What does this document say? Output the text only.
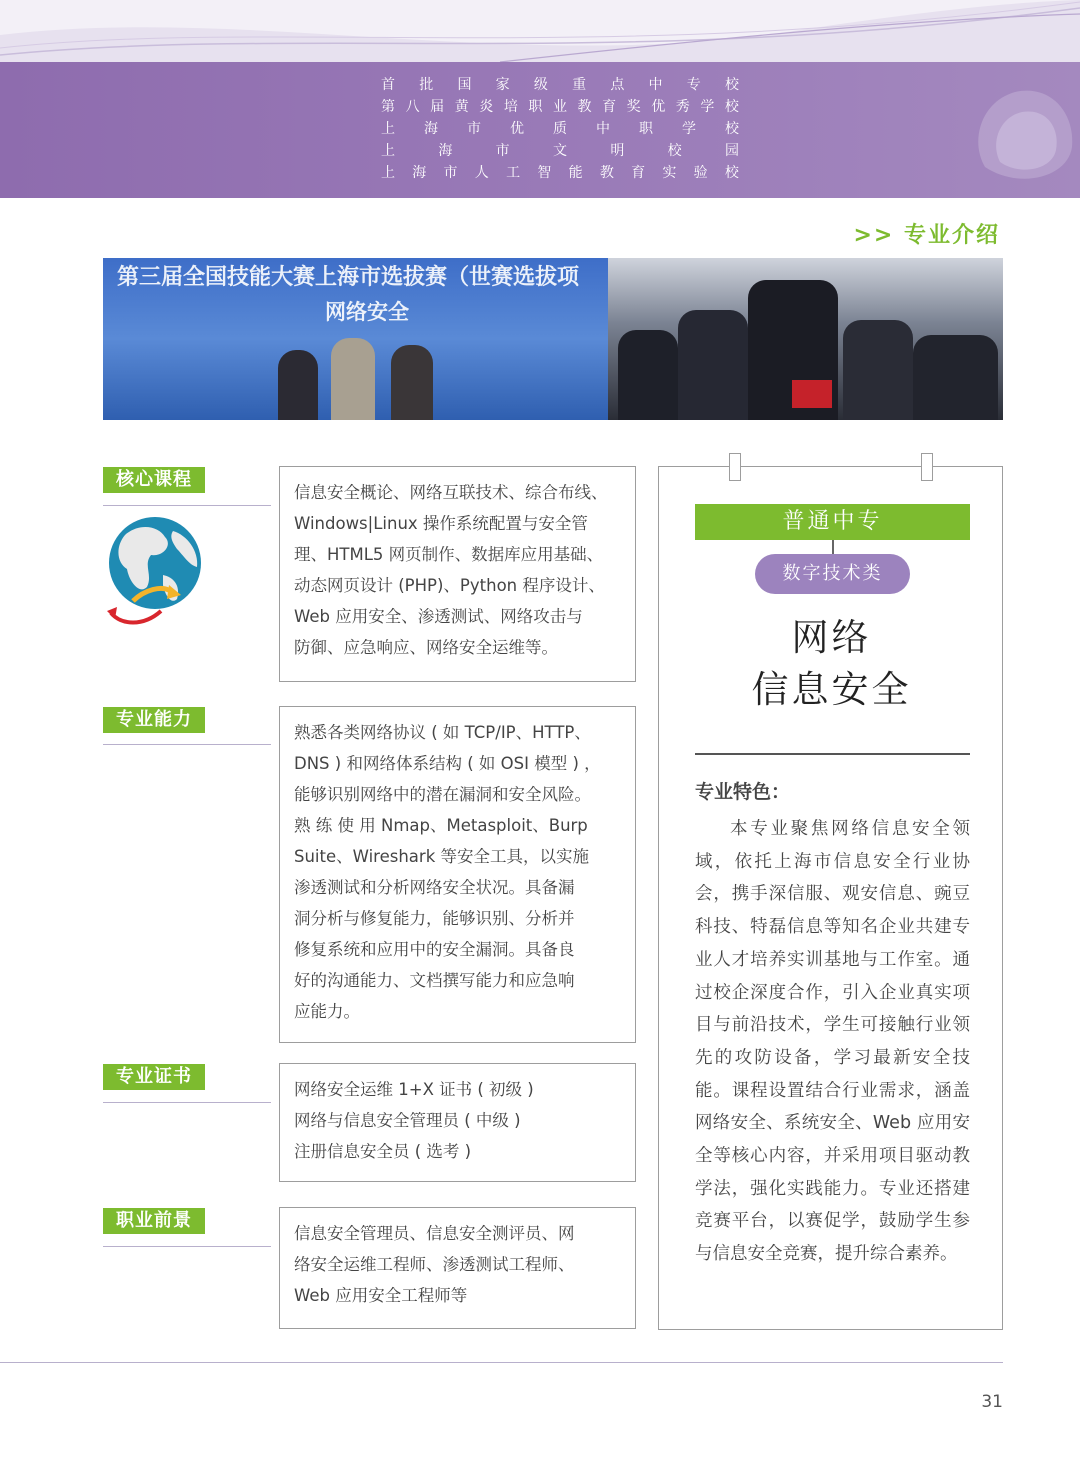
首 批 国 家 级 重 点 中 专 校
第 八 届 黄 炎 培 职 业 教 育 奖 优 秀 学 校
上 海 市 优 质 中 职 学 校
上	海	市	文	明	校	园
上 海 市 人 工 智 能 教 育 实 验 校
>> 专业介绍
第三届全国技能大赛上海市选拔赛（世赛选拔项
网络安全
核心课程

信息安全概论、网络互联技术、综合布线、

Windows|Linux 操作系统配置与安全管

理、HTML5 网页制作、数据库应用基础、

动态网页设计 (PHP)、Python 程序设计、

Web 应用安全、渗透测试、网络攻击与

防御、应急响应、网络安全运维等。

专业能力

熟悉各类网络协议 ( 如 TCP/IP、HTTP、

DNS ) 和网络体系结构 ( 如 OSI 模型 ) ，

能够识别网络中的潜在漏洞和安全风险。

熟 练 使 用 Nmap、Metasploit、Burp

Suite、Wireshark 等安全工具，以实施

渗透测试和分析网络安全状况。具备漏

洞分析与修复能力，能够识别、分析并

修复系统和应用中的安全漏洞。具备良

好的沟通能力、文档撰写能力和应急响

应能力。

专业证书

网络安全运维 1+X 证书 ( 初级 )

网络与信息安全管理员 ( 中级 )

注册信息安全员 ( 选考 )

职业前景

信息安全管理员、信息安全测评员、网

络安全运维工程师、渗透测试工程师、

Web 应用安全工程师等

普通中专
数字技术类
网络
信息安全
专业特色：
本专业聚焦网络信息安全领域，依托上海市信息安全行业协会，携手深信服、观安信息、豌豆科技、特磊信息等知名企业共建专业人才培养实训基地与工作室。通过校企深度合作，引入企业真实项目与前沿技术，学生可接触行业领先的攻防设备，学习最新安全技能。课程设置结合行业需求，涵盖网络安全、系统安全、Web 应用安全等核心内容，并采用项目驱动教学法，强化实践能力。专业还搭建竞赛平台，以赛促学，鼓励学生参与信息安全竞赛，提升综合素养。
31
